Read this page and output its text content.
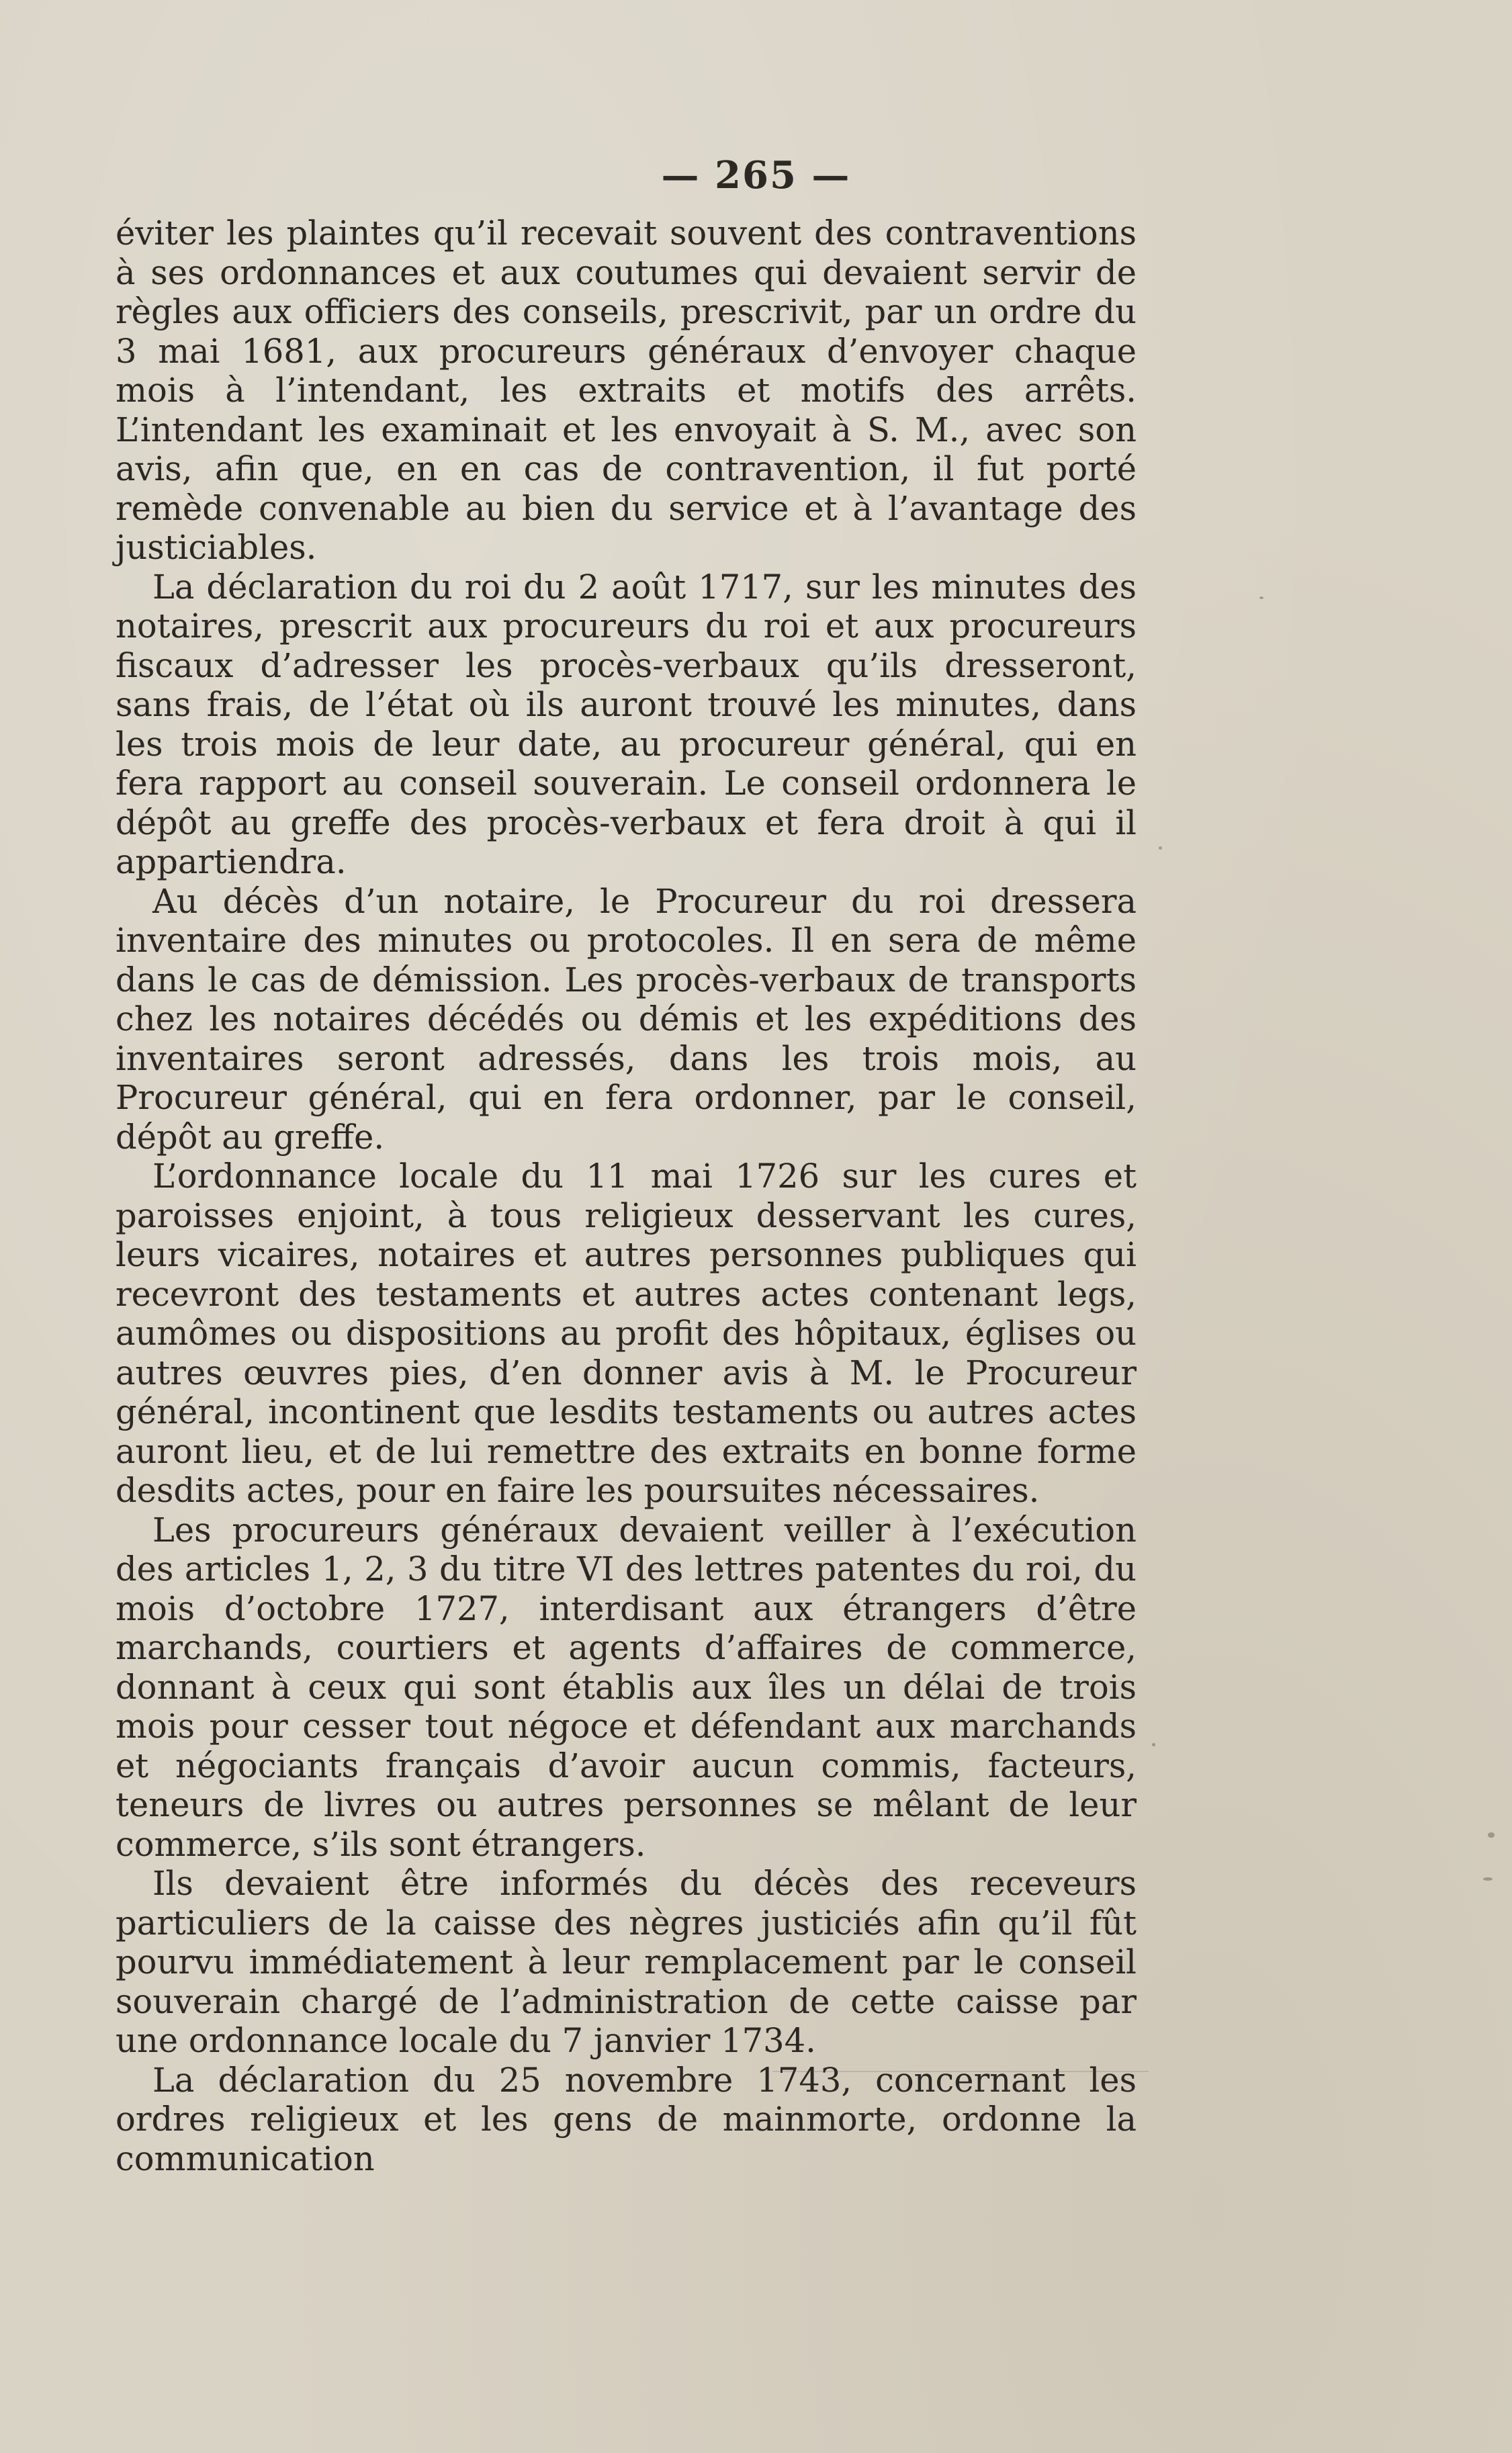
— 265 —

éviter les plaintes qu’il recevait souvent des contraventions à ses ordonnances et aux coutumes qui devaient servir de règles aux officiers des conseils, prescrivit, par un ordre du 3 mai 1681, aux procureurs généraux d’envoyer chaque mois à l’intendant, les extraits et motifs des arrêts. L’intendant les examinait et les envoyait à S. M., avec son avis, afin que, en en cas de contravention, il fut porté remède convenable au bien du service et à l’avantage des justiciables.

La déclaration du roi du 2 août 1717, sur les minutes des notaires, prescrit aux procureurs du roi et aux procureurs fiscaux d’adresser les procès-verbaux qu’ils dresseront, sans frais, de l’état où ils auront trouvé les minutes, dans les trois mois de leur date, au procureur général, qui en fera rapport au conseil souverain. Le conseil ordonnera le dépôt au greffe des procès-verbaux et fera droit à qui il appartiendra.

Au décès d’un notaire, le Procureur du roi dressera inventaire des minutes ou protocoles. Il en sera de même dans le cas de démission. Les procès-verbaux de transports chez les notaires décédés ou démis et les expéditions des inventaires seront adressés, dans les trois mois, au Procureur général, qui en fera ordonner, par le conseil, dépôt au greffe.

L’ordonnance locale du 11 mai 1726 sur les cures et paroisses enjoint, à tous religieux desservant les cures, leurs vicaires, notaires et autres personnes publiques qui recevront des testaments et autres actes contenant legs, aumômes ou dispositions au profit des hôpitaux, églises ou autres œuvres pies, d’en donner avis à M. le Procureur général, incontinent que lesdits testaments ou autres actes auront lieu, et de lui remettre des extraits en bonne forme desdits actes, pour en faire les poursuites nécessaires.

Les procureurs généraux devaient veiller à l’exécution des articles 1, 2, 3 du titre VI des lettres patentes du roi, du mois d’octobre 1727, interdisant aux étrangers d’être marchands, courtiers et agents d’affaires de commerce, donnant à ceux qui sont établis aux îles un délai de trois mois pour cesser tout négoce et défendant aux marchands et négociants français d’avoir aucun commis, facteurs, teneurs de livres ou autres personnes se mêlant de leur commerce, s’ils sont étrangers.

Ils devaient être informés du décès des receveurs particuliers de la caisse des nègres justiciés afin qu’il fût pourvu immédiatement à leur remplacement par le conseil souverain chargé de l’administration de cette caisse par une ordonnance locale du 7 janvier 1734.

La déclaration du 25 novembre 1743, concernant les ordres religieux et les gens de mainmorte, ordonne la communication
